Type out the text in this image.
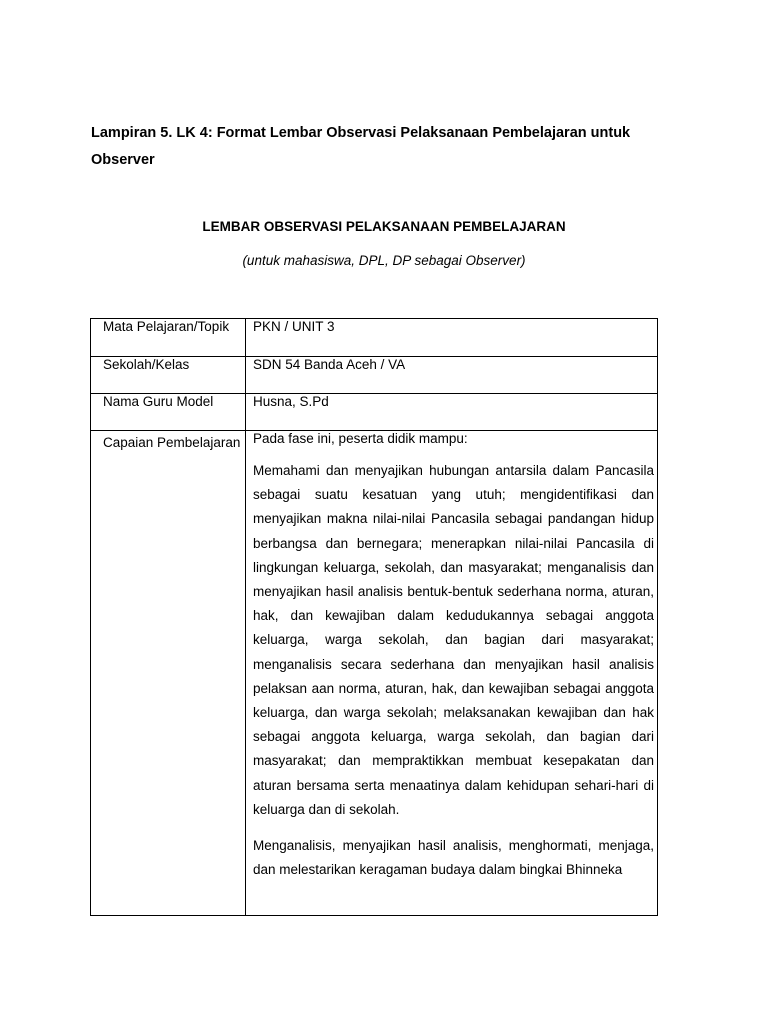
Lampiran 5. LK 4: Format Lembar Observasi Pelaksanaan Pembelajaran untuk Observer
LEMBAR OBSERVASI PELAKSANAAN PEMBELAJARAN
(untuk mahasiswa, DPL, DP sebagai Observer)
Mata Pelajaran/Topik	PKN / UNIT 3

Sekolah/Kelas	SDN 54 Banda Aceh / VA

Nama Guru Model	Husna, S.Pd

Capaian Pembelajaran	Pada fase ini, peserta didik mampu:

Memahami dan menyajikan hubungan antarsila dalam Pancasila sebagai suatu kesatuan yang utuh; mengidentifikasi dan menyajikan makna nilai-nilai Pancasila sebagai pandangan hidup berbangsa dan bernegara; menerapkan nilai-nilai Pancasila di lingkungan keluarga, sekolah, dan masyarakat; menganalisis dan menyajikan hasil analisis bentuk-bentuk sederhana norma, aturan, hak, dan kewajiban dalam kedudukannya sebagai anggota keluarga, warga sekolah, dan bagian dari masyarakat; menganalisis secara sederhana dan menyajikan hasil analisis pelaksan aan norma, aturan, hak, dan kewajiban sebagai anggota keluarga, dan warga sekolah; melaksanakan kewajiban dan hak sebagai anggota keluarga, warga sekolah, dan bagian dari masyarakat; dan mempraktikkan membuat kesepakatan dan aturan bersama serta menaatinya dalam kehidupan sehari-hari di keluarga dan di sekolah.

Menganalisis, menyajikan hasil analisis, menghormati, menjaga, dan melestarikan keragaman budaya dalam bingkai Bhinneka
